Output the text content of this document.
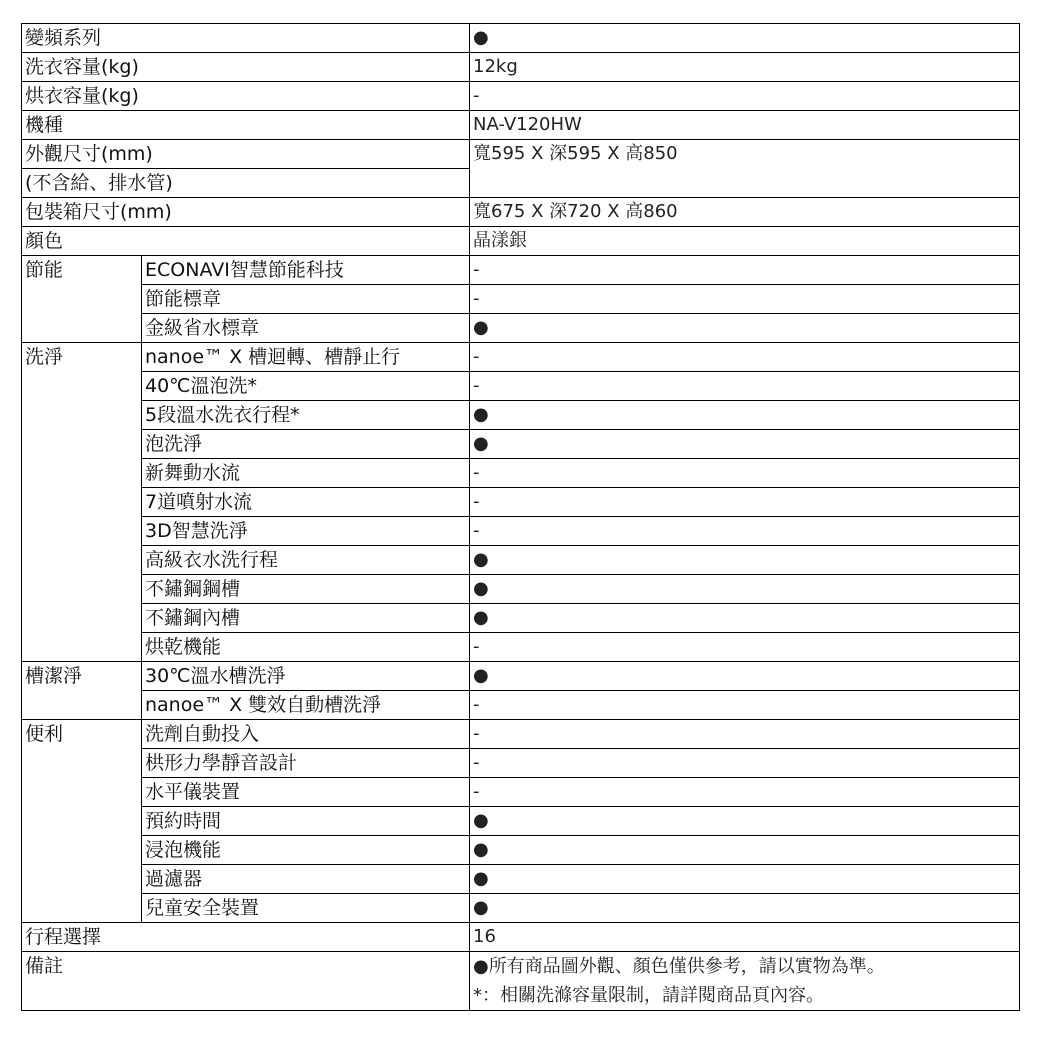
變頻系列		●
洗衣容量(kg)		12kg
烘衣容量(kg)		-
機種		NA-V120HW
外觀尺寸(mm)		寬595 X 深595 X 高850
(不含給、排水管)		
包裝箱尺寸(mm)		寬675 X 深720 X 高860
顏色		晶漾銀
節能	ECONAVI智慧節能科技	-
	節能標章	-
	金級省水標章	●
洗淨	nanoe™ X 槽迴轉、槽靜止行	-
	40℃溫泡洗*	-
	5段溫水洗衣行程*	●
	泡洗淨	●
	新舞動水流	-
	7道噴射水流	-
	3D智慧洗淨	-
	高級衣水洗行程	●
	不鏽鋼鋼槽	●
	不鏽鋼內槽	●
	烘乾機能	-
槽潔淨	30℃溫水槽洗淨	●
	nanoe™ X 雙效自動槽洗淨	-
便利	洗劑自動投入	-
	栱形力學靜音設計	-
	水平儀裝置	-
	預約時間	●
	浸泡機能	●
	過濾器	●
	兒童安全裝置	●
行程選擇		16
備註		●所有商品圖外觀、顏色僅供參考，請以實物為準。
*：相關洗滌容量限制，請詳閱商品頁內容。
